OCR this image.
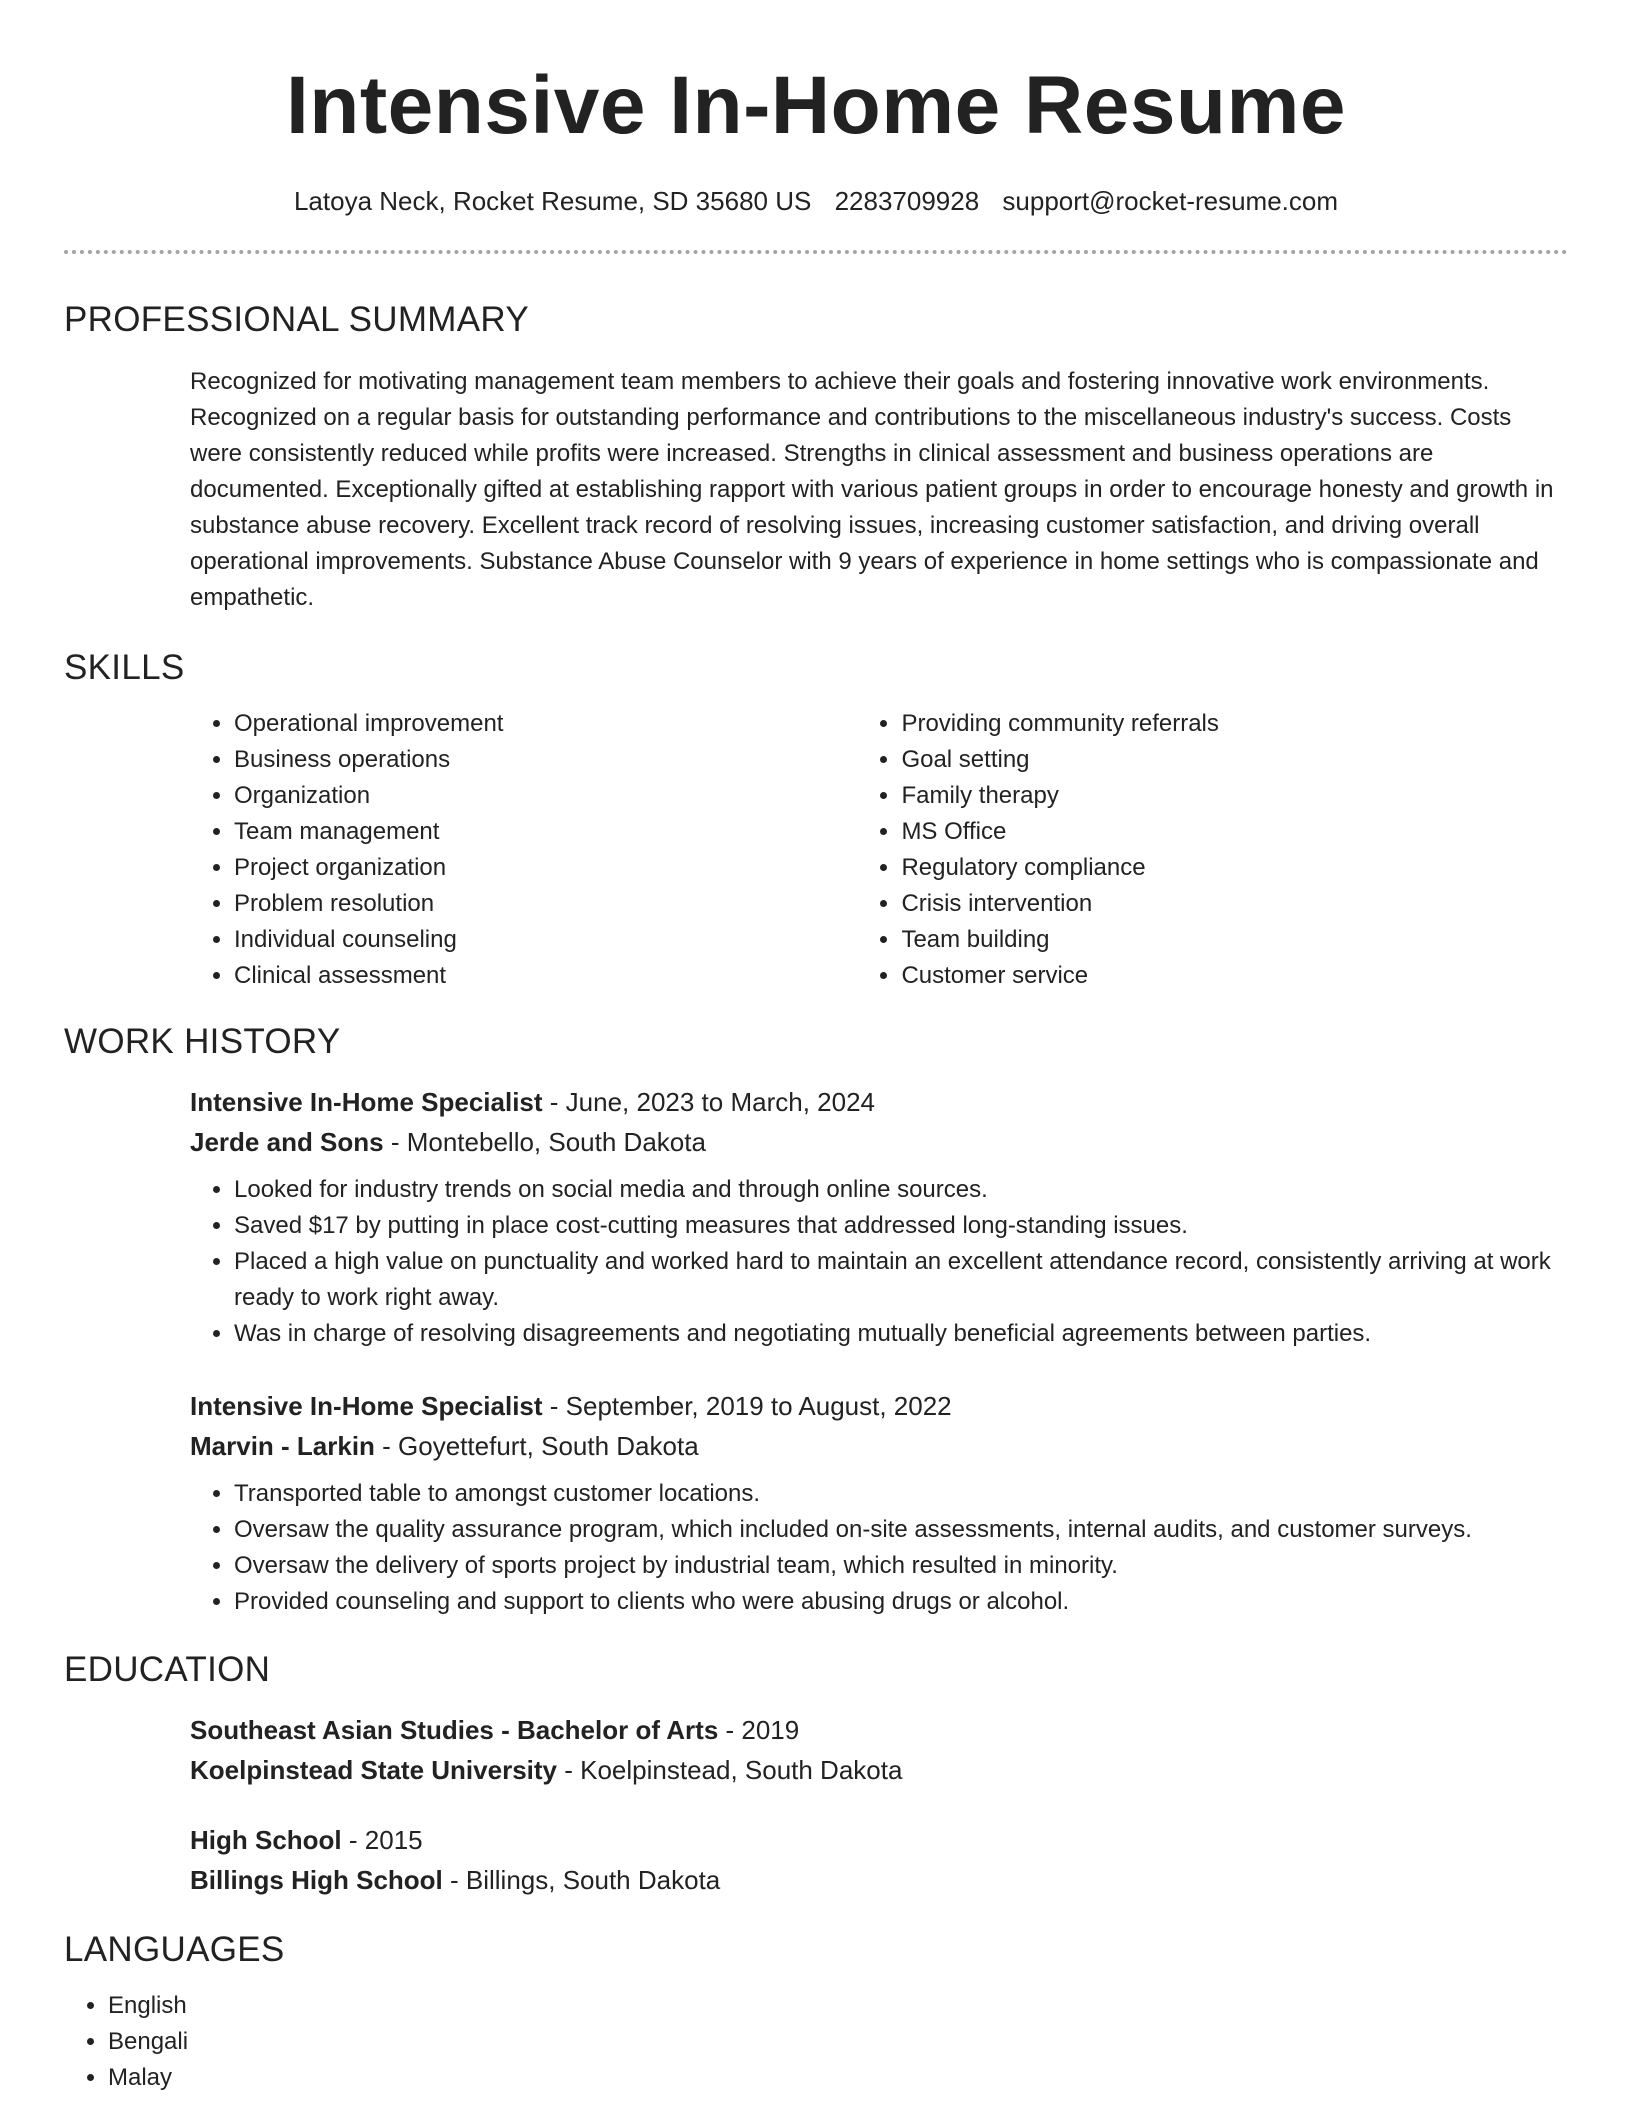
Intensive In-Home Resume
Latoya Neck, Rocket Resume, SD 35680 US 2283709928 support@rocket-resume.com
PROFESSIONAL SUMMARY
Recognized for motivating management team members to achieve their goals and fostering innovative work environments. Recognized on a regular basis for outstanding performance and contributions to the miscellaneous industry's success. Costs were consistently reduced while profits were increased. Strengths in clinical assessment and business operations are documented. Exceptionally gifted at establishing rapport with various patient groups in order to encourage honesty and growth in substance abuse recovery. Excellent track record of resolving issues, increasing customer satisfaction, and driving overall operational improvements. Substance Abuse Counselor with 9 years of experience in home settings who is compassionate and empathetic.
SKILLS
• Operational improvement
• Business operations
• Organization
• Team management
• Project organization
• Problem resolution
• Individual counseling
• Clinical assessment
• Providing community referrals
• Goal setting
• Family therapy
• MS Office
• Regulatory compliance
• Crisis intervention
• Team building
• Customer service
WORK HISTORY
Intensive In-Home Specialist - June, 2023 to March, 2024
Jerde and Sons - Montebello, South Dakota
• Looked for industry trends on social media and through online sources.
• Saved $17 by putting in place cost-cutting measures that addressed long-standing issues.
• Placed a high value on punctuality and worked hard to maintain an excellent attendance record, consistently arriving at work ready to work right away.
• Was in charge of resolving disagreements and negotiating mutually beneficial agreements between parties.
Intensive In-Home Specialist - September, 2019 to August, 2022
Marvin - Larkin - Goyettefurt, South Dakota
• Transported table to amongst customer locations.
• Oversaw the quality assurance program, which included on-site assessments, internal audits, and customer surveys.
• Oversaw the delivery of sports project by industrial team, which resulted in minority.
• Provided counseling and support to clients who were abusing drugs or alcohol.
EDUCATION
Southeast Asian Studies - Bachelor of Arts - 2019
Koelpinstead State University - Koelpinstead, South Dakota
High School - 2015
Billings High School - Billings, South Dakota
LANGUAGES
• English
• Bengali
• Malay
